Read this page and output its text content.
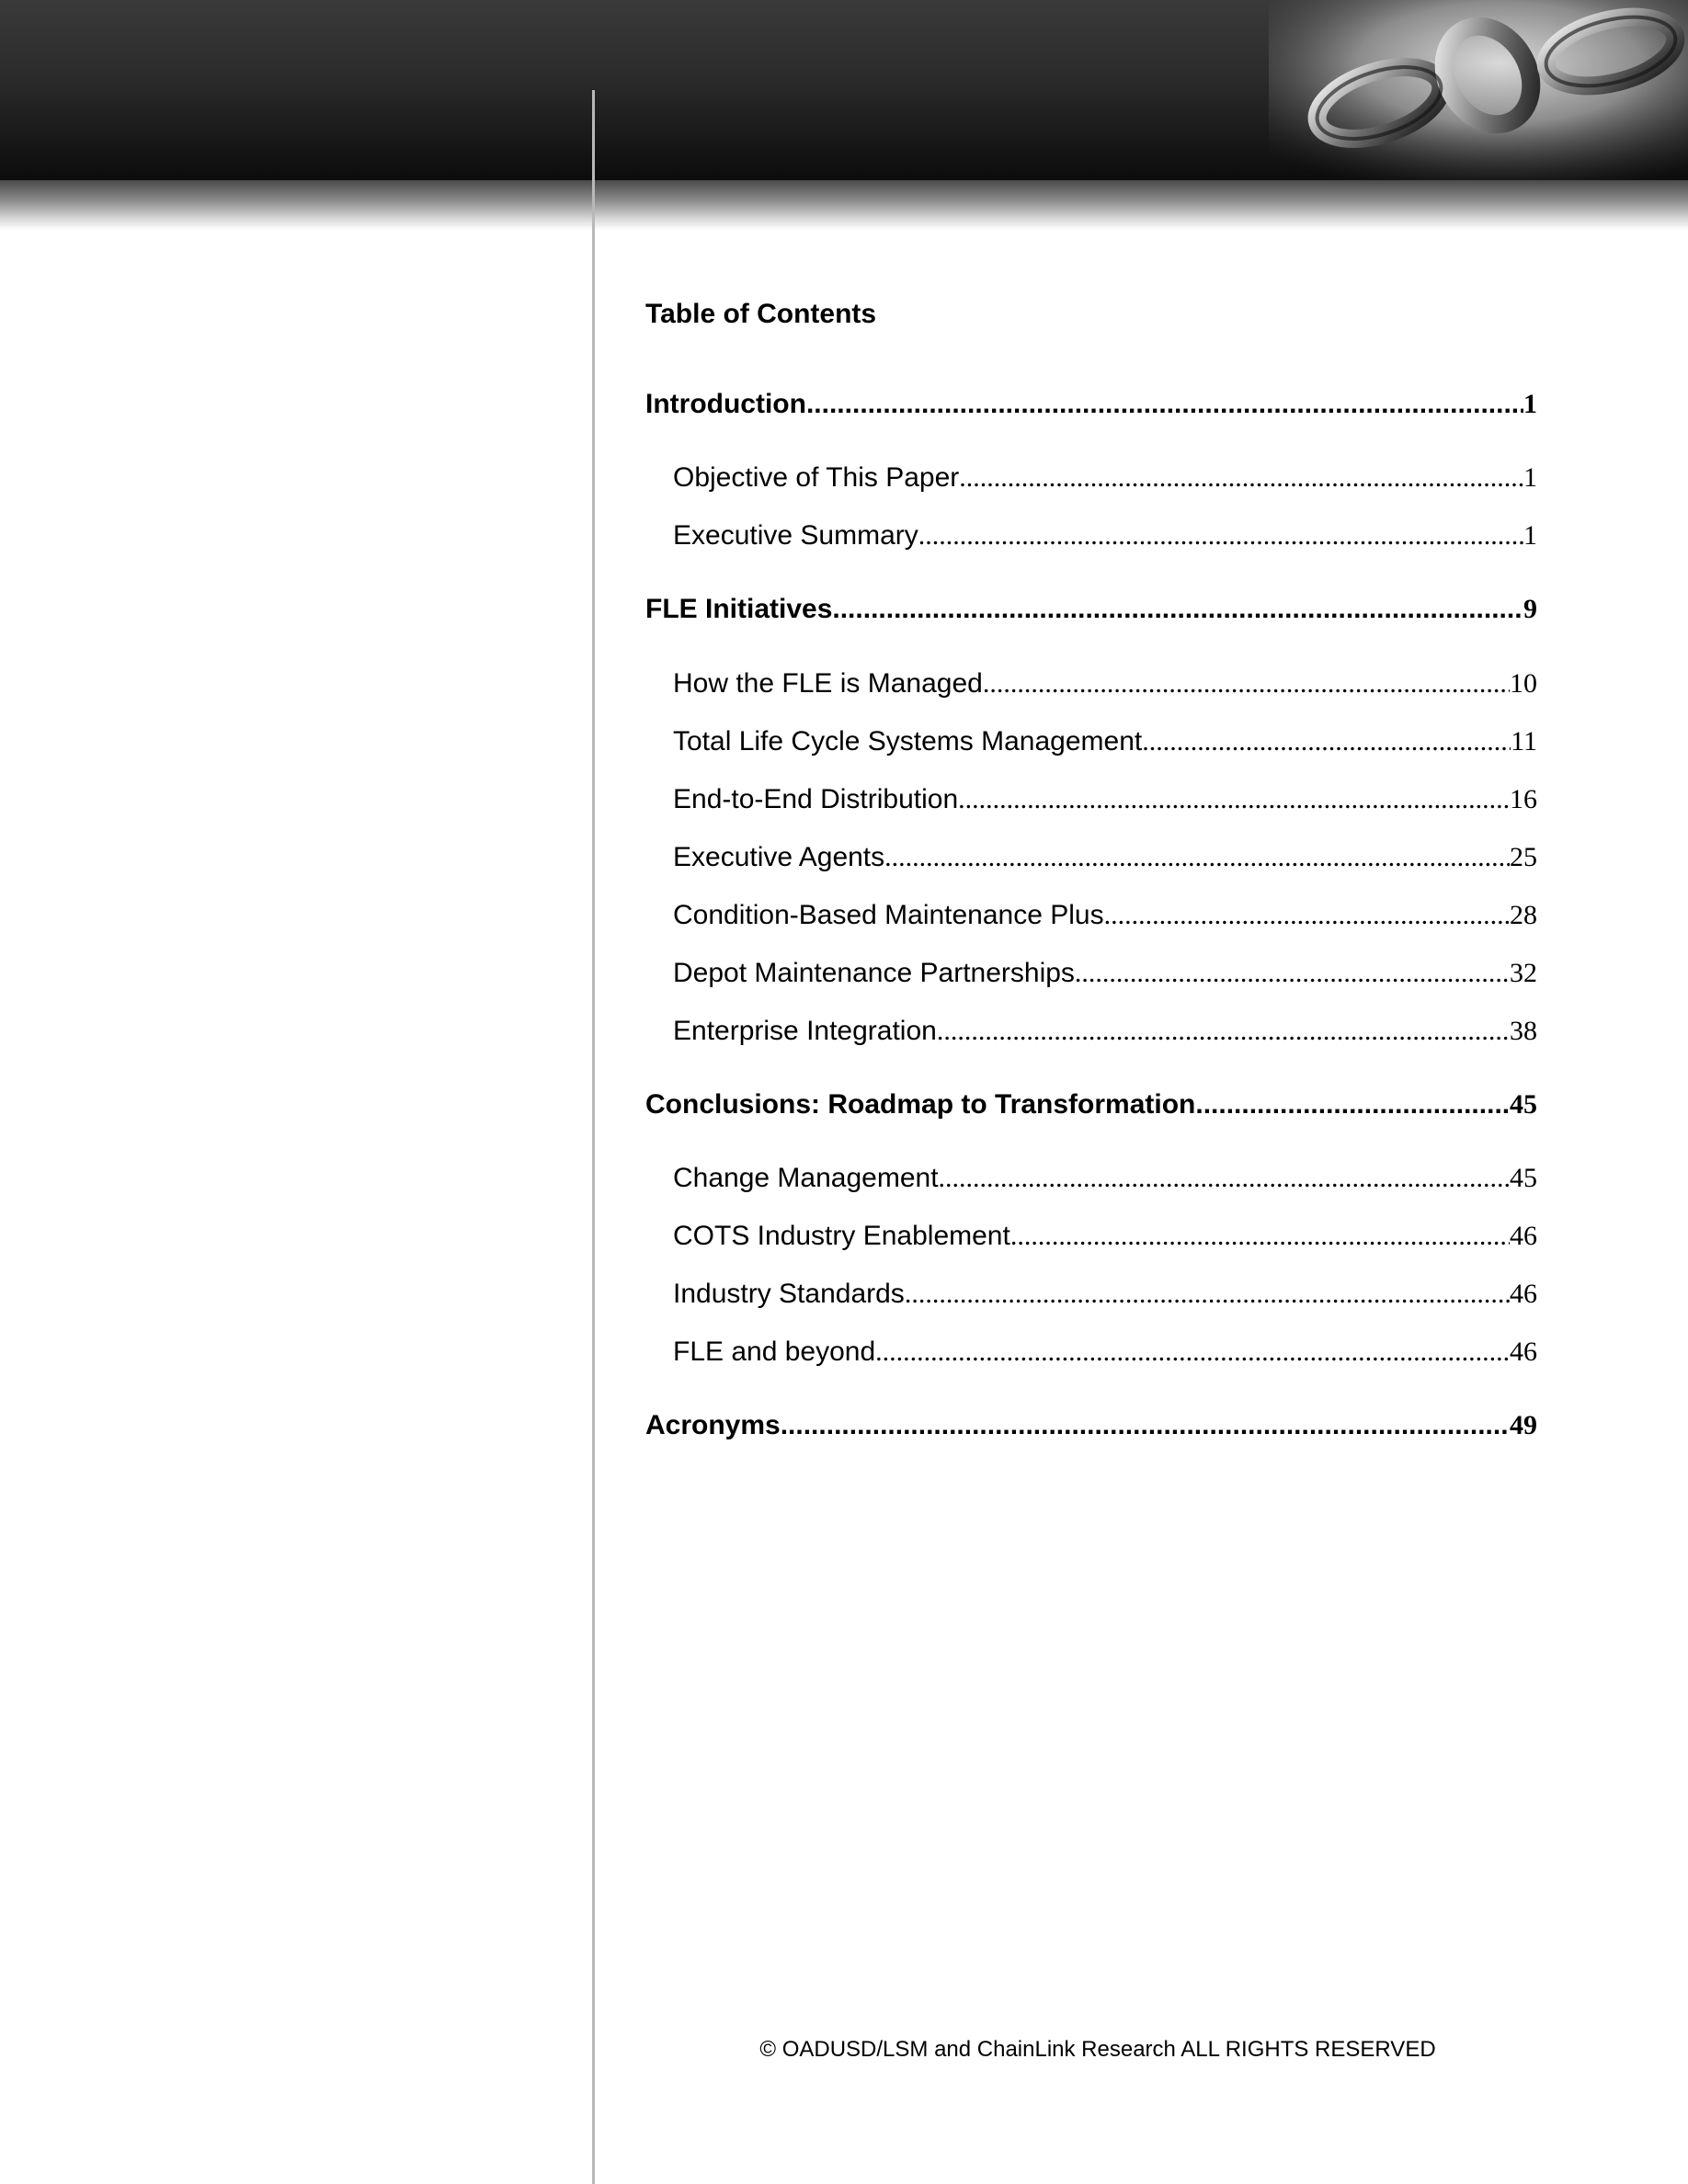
Table of Contents
Introduction .....	1
Objective of This Paper .....	1
Executive Summary .....	1
FLE Initiatives .....	9
How the FLE is Managed .....	10
Total Life Cycle Systems Management .....	11
End-to-End Distribution .....	16
Executive Agents .....	25
Condition-Based Maintenance Plus .....	28
Depot Maintenance Partnerships .....	32
Enterprise Integration .....	38
Conclusions: Roadmap to Transformation .....	45
Change Management .....	45
COTS Industry Enablement .....	46
Industry Standards .....	46
FLE and beyond .....	46
Acronyms .....	49
© OADUSD/LSM and ChainLink Research ALL RIGHTS RESERVED
